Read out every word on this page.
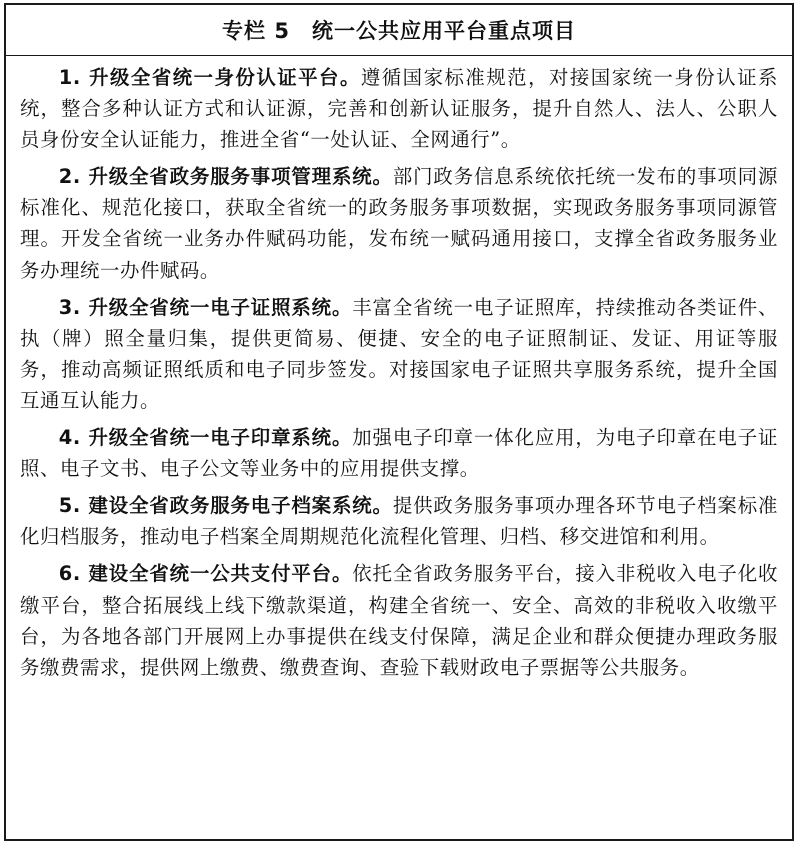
专栏 5 统一公共应用平台重点项目

1. 升级全省统一身份认证平台。遵循国家标准规范，对接国家统一身份认证系统，整合多种认证方式和认证源，完善和创新认证服务，提升自然人、法人、公职人员身份安全认证能力，推进全省“一处认证、全网通行”。

2. 升级全省政务服务事项管理系统。部门政务信息系统依托统一发布的事项同源标准化、规范化接口，获取全省统一的政务服务事项数据，实现政务服务事项同源管理。开发全省统一业务办件赋码功能，发布统一赋码通用接口，支撑全省政务服务业务办理统一办件赋码。

3. 升级全省统一电子证照系统。丰富全省统一电子证照库，持续推动各类证件、执（牌）照全量归集，提供更简易、便捷、安全的电子证照制证、发证、用证等服务，推动高频证照纸质和电子同步签发。对接国家电子证照共享服务系统，提升全国互通互认能力。

4. 升级全省统一电子印章系统。加强电子印章一体化应用，为电子印章在电子证照、电子文书、电子公文等业务中的应用提供支撑。

5. 建设全省政务服务电子档案系统。提供政务服务事项办理各环节电子档案标准化归档服务，推动电子档案全周期规范化流程化管理、归档、移交进馆和利用。

6. 建设全省统一公共支付平台。依托全省政务服务平台，接入非税收入电子化收缴平台，整合拓展线上线下缴款渠道，构建全省统一、安全、高效的非税收入收缴平台，为各地各部门开展网上办事提供在线支付保障，满足企业和群众便捷办理政务服务缴费需求，提供网上缴费、缴费查询、查验下载财政电子票据等公共服务。
